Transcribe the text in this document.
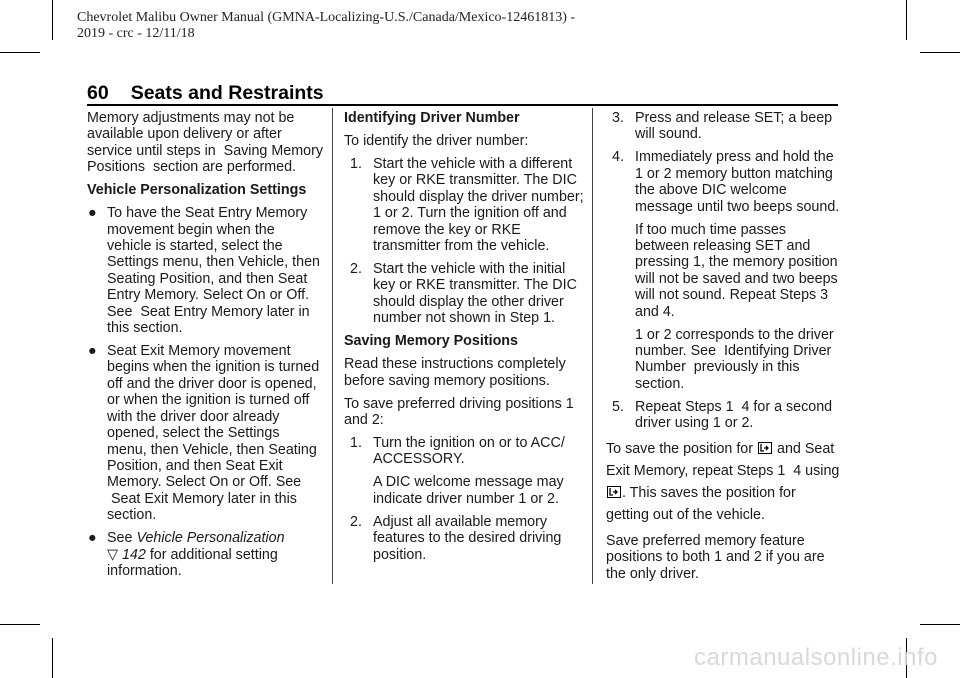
Chevrolet Malibu Owner Manual (GMNA-Localizing-U.S./Canada/Mexico-12461813) - 2019 - crc - 12/11/18
60 Seats and Restraints

Memory adjustments may not be available upon delivery or after service until steps in  Saving Memory Positions  section are performed.

Vehicle Personalization Settings

● To have the Seat Entry Memory movement begin when the vehicle is started, select the Settings menu, then Vehicle, then Seating Position, and then Seat Entry Memory. Select On or Off. See  Seat Entry Memory later in this section.

● Seat Exit Memory movement begins when the ignition is turned off and the driver door is opened, or when the ignition is turned off with the driver door already opened, select the Settings menu, then Vehicle, then Seating Position, and then Seat Exit Memory. Select On or Off. See  Seat Exit Memory later in this section.

● See Vehicle Personalization
▽ 142 for additional setting information.

Identifying Driver Number

To identify the driver number:

1. Start the vehicle with a different key or RKE transmitter. The DIC should display the driver number; 1 or 2. Turn the ignition off and remove the key or RKE transmitter from the vehicle.

2. Start the vehicle with the initial key or RKE transmitter. The DIC should display the other driver number not shown in Step 1.

Saving Memory Positions

Read these instructions completely before saving memory positions.

To save preferred driving positions 1 and 2:

1. Turn the ignition on or to ACC/ ACCESSORY.

A DIC welcome message may indicate driver number 1 or 2.

2. Adjust all available memory features to the desired driving position.

3. Press and release SET; a beep will sound.

4. Immediately press and hold the 1 or 2 memory button matching the above DIC welcome message until two beeps sound.

If too much time passes between releasing SET and pressing 1, the memory position will not be saved and two beeps will not sound. Repeat Steps 3 and 4.

1 or 2 corresponds to the driver number. See  Identifying Driver Number  previously in this section.

5. Repeat Steps 1  4 for a second driver using 1 or 2.

To save the position for and Seat Exit Memory, repeat Steps 1  4 using . This saves the position for getting out of the vehicle.

Save preferred memory feature positions to both 1 and 2 if you are the only driver.

carmanualsonline.info
